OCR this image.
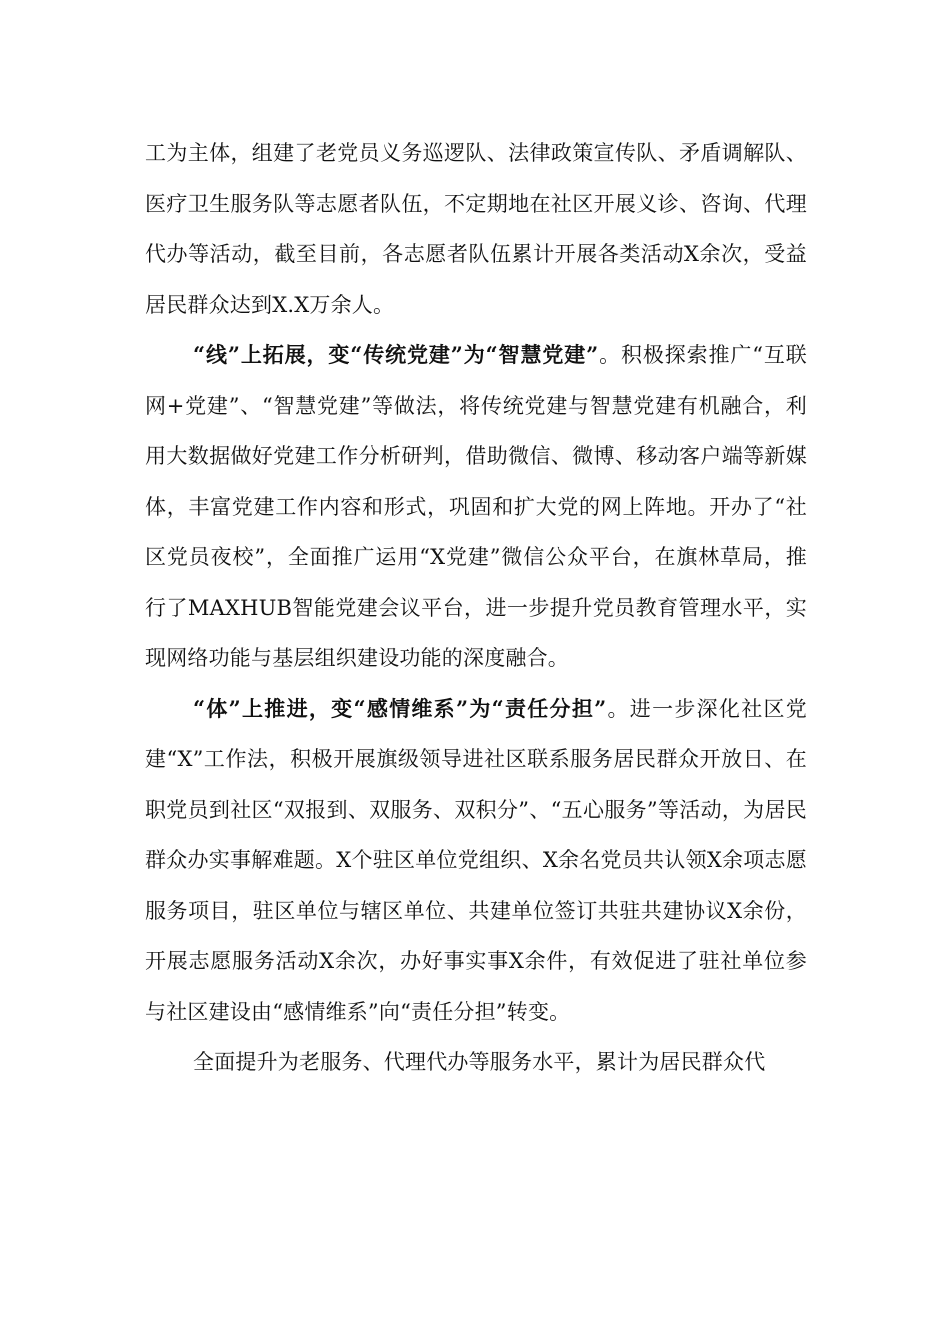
工为主体，组建了老党员义务巡逻队、法律政策宣传队、矛盾调解队、医疗卫生服务队等志愿者队伍，不定期地在社区开展义诊、咨询、代理代办等活动，截至目前，各志愿者队伍累计开展各类活动X余次，受益居民群众达到X.X万余人。

“线”上拓展，变“传统党建”为“智慧党建”。积极探索推广“互联网+党建”、“智慧党建”等做法，将传统党建与智慧党建有机融合，利用大数据做好党建工作分析研判，借助微信、微博、移动客户端等新媒体，丰富党建工作内容和形式，巩固和扩大党的网上阵地。开办了“社区党员夜校”，全面推广运用“X党建”微信公众平台，在旗林草局，推行了MAXHUB智能党建会议平台，进一步提升党员教育管理水平，实现网络功能与基层组织建设功能的深度融合。

“体”上推进，变“感情维系”为“责任分担”。进一步深化社区党建“X”工作法，积极开展旗级领导进社区联系服务居民群众开放日、在职党员到社区“双报到、双服务、双积分”、“五心服务”等活动，为居民群众办实事解难题。X个驻区单位党组织、X余名党员共认领X余项志愿服务项目，驻区单位与辖区单位、共建单位签订共驻共建协议X余份，开展志愿服务活动X余次，办好事实事X余件，有效促进了驻社单位参与社区建设由“感情维系”向“责任分担”转变。

全面提升为老服务、代理代办等服务水平，累计为居民群众代
